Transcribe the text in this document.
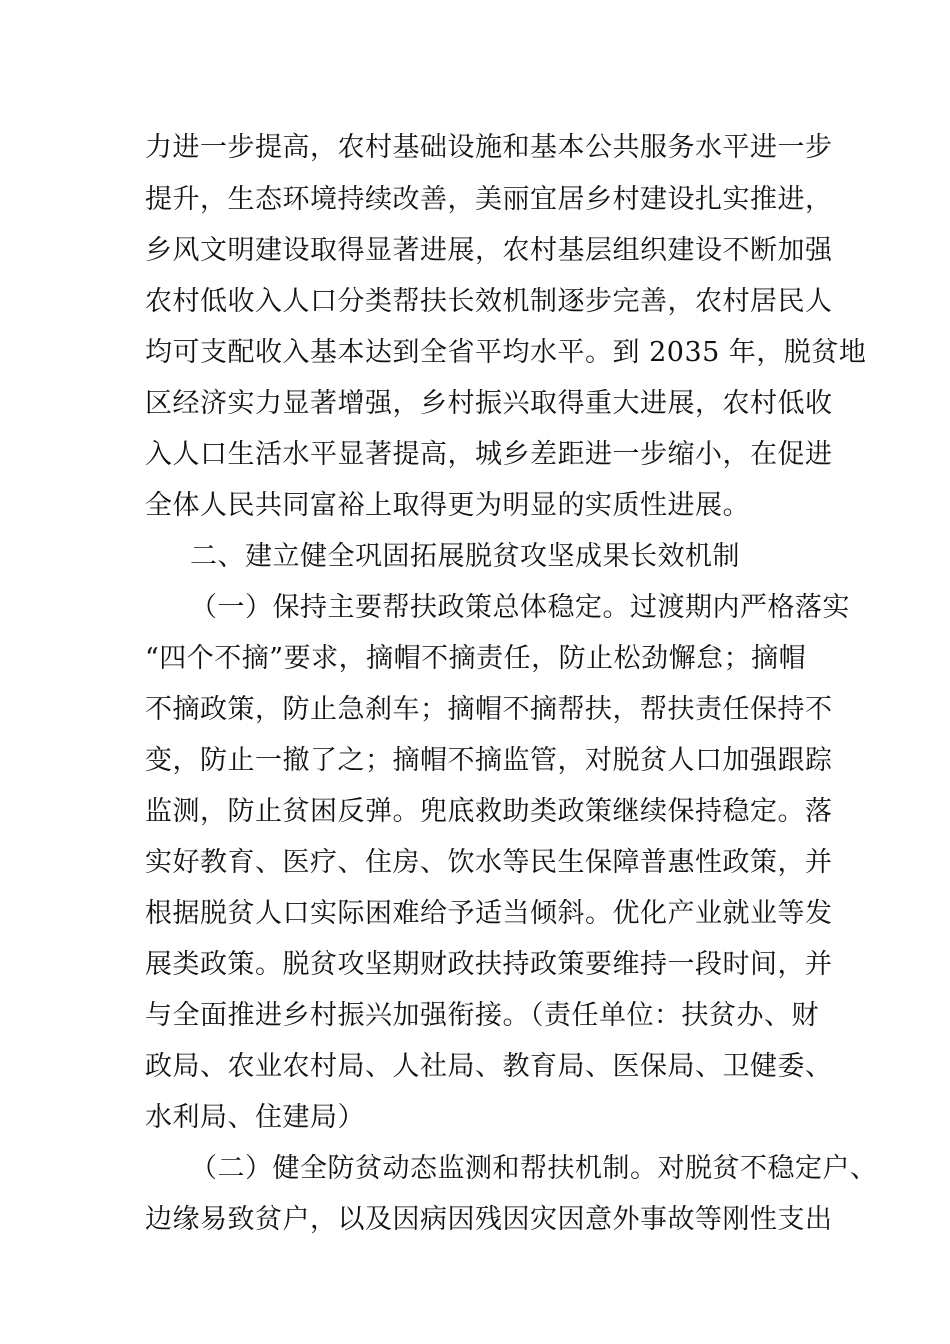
力进一步提高，农村基础设施和基本公共服务水平进一步
提升，生态环境持续改善，美丽宜居乡村建设扎实推进，
乡风文明建设取得显著进展，农村基层组织建设不断加强
农村低收入人口分类帮扶长效机制逐步完善，农村居民人
均可支配收入基本达到全省平均水平。到 2035 年，脱贫地
区经济实力显著增强，乡村振兴取得重大进展，农村低收
入人口生活水平显著提高，城乡差距进一步缩小，在促进
全体人民共同富裕上取得更为明显的实质性进展。
二、建立健全巩固拓展脱贫攻坚成果长效机制
（一）保持主要帮扶政策总体稳定。过渡期内严格落实
“四个不摘”要求，摘帽不摘责任，防止松劲懈怠；摘帽
不摘政策，防止急刹车；摘帽不摘帮扶，帮扶责任保持不
变，防止一撤了之；摘帽不摘监管，对脱贫人口加强跟踪
监测，防止贫困反弹。兜底救助类政策继续保持稳定。落
实好教育、医疗、住房、饮水等民生保障普惠性政策，并
根据脱贫人口实际困难给予适当倾斜。优化产业就业等发
展类政策。脱贫攻坚期财政扶持政策要维持一段时间，并
与全面推进乡村振兴加强衔接。（责任单位：扶贫办、财
政局、农业农村局、人社局、教育局、医保局、卫健委、
水利局、住建局）
（二）健全防贫动态监测和帮扶机制。对脱贫不稳定户、
边缘易致贫户，以及因病因残因灾因意外事故等刚性支出
